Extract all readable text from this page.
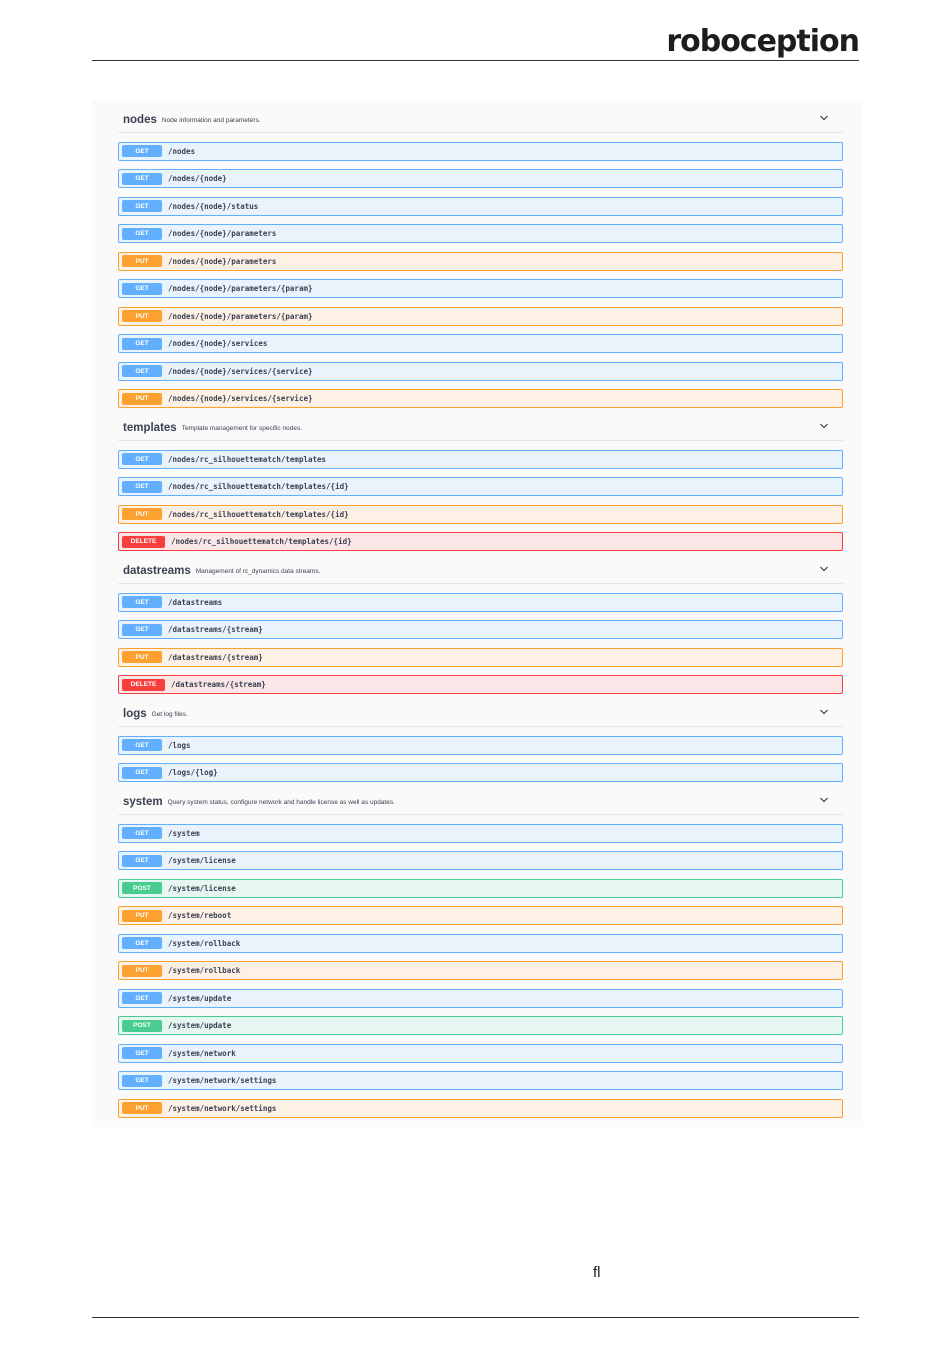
roboception
nodes Node information and parameters.
GET	/nodes
GET	/nodes/{node}
GET	/nodes/{node}/status
GET	/nodes/{node}/parameters
PUT	/nodes/{node}/parameters
GET	/nodes/{node}/parameters/{param}
PUT	/nodes/{node}/parameters/{param}
GET	/nodes/{node}/services
GET	/nodes/{node}/services/{service}
PUT	/nodes/{node}/services/{service}
templates Template management for specific nodes.
GET	/nodes/rc_silhouettematch/templates
GET	/nodes/rc_silhouettematch/templates/{id}
PUT	/nodes/rc_silhouettematch/templates/{id}
DELETE	/nodes/rc_silhouettematch/templates/{id}
datastreams Management of rc_dynamics data streams.
GET	/datastreams
GET	/datastreams/{stream}
PUT	/datastreams/{stream}
DELETE	/datastreams/{stream}
logs Get log files.
GET	/logs
GET	/logs/{log}
system Query system status, configure network and handle license as well as updates.
GET	/system
GET	/system/license
POST	/system/license
PUT	/system/reboot
GET	/system/rollback
PUT	/system/rollback
GET	/system/update
POST	/system/update
GET	/system/network
GET	/system/network/settings
PUT	/system/network/settings
fl
